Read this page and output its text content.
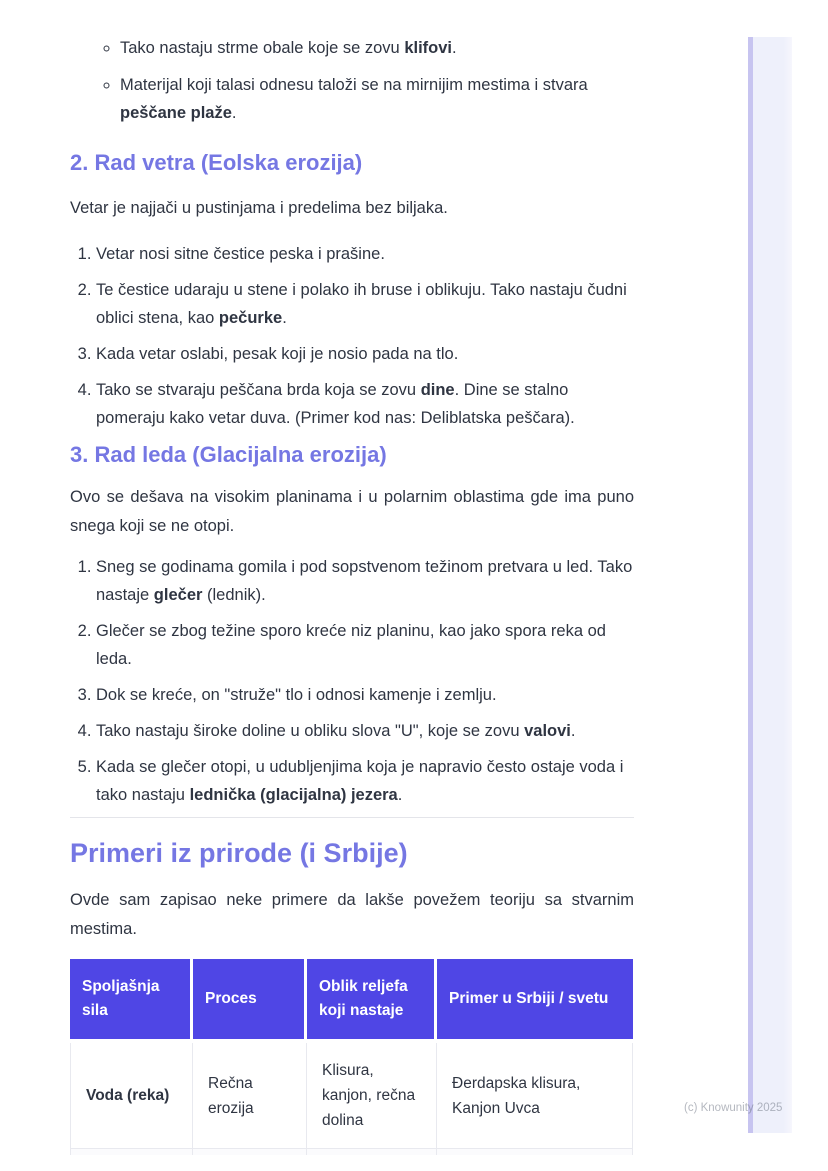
◦ Tako nastaju strme obale koje se zovu klifovi.
◦ Materijal koji talasi odnesu taloži se na mirnijim mestima i stvara peščane plaže.
2. Rad vetra (Eolska erozija)

Vetar je najjači u pustinjama i predelima bez biljaka.

1. Vetar nosi sitne čestice peska i prašine.
2. Te čestice udaraju u stene i polako ih bruse i oblikuju. Tako nastaju čudni oblici stena, kao pečurke.
3. Kada vetar oslabi, pesak koji je nosio pada na tlo.
4. Tako se stvaraju peščana brda koja se zovu dine. Dine se stalno pomeraju kako vetar duva. (Primer kod nas: Deliblatska peščara).
3. Rad leda (Glacijalna erozija)

Ovo se dešava na visokim planinama i u polarnim oblastima gde ima puno snega koji se ne otopi.

1. Sneg se godinama gomila i pod sopstvenom težinom pretvara u led. Tako nastaje glečer (lednik).
2. Glečer se zbog težine sporo kreće niz planinu, kao jako spora reka od leda.
3. Dok se kreće, on "struže" tlo i odnosi kamenje i zemlju.
4. Tako nastaju široke doline u obliku slova "U", koje se zovu valovi.
5. Kada se glečer otopi, u udubljenjima koja je napravio često ostaje voda i tako nastaju lednička (glacijalna) jezera.
Primeri iz prirode (i Srbije)

Ovde sam zapisao neke primere da lakše povežem teoriju sa stvarnim mestima.

Spoljašnja sila	Proces	Oblik reljefa koji nastaje	Primer u Srbiji / svetu
Voda (reka)	Rečna erozija	Klisura, kanjon, rečna dolina	Đerdapska klisura, Kanjon Uvca
				(c) Knowunity 2025
